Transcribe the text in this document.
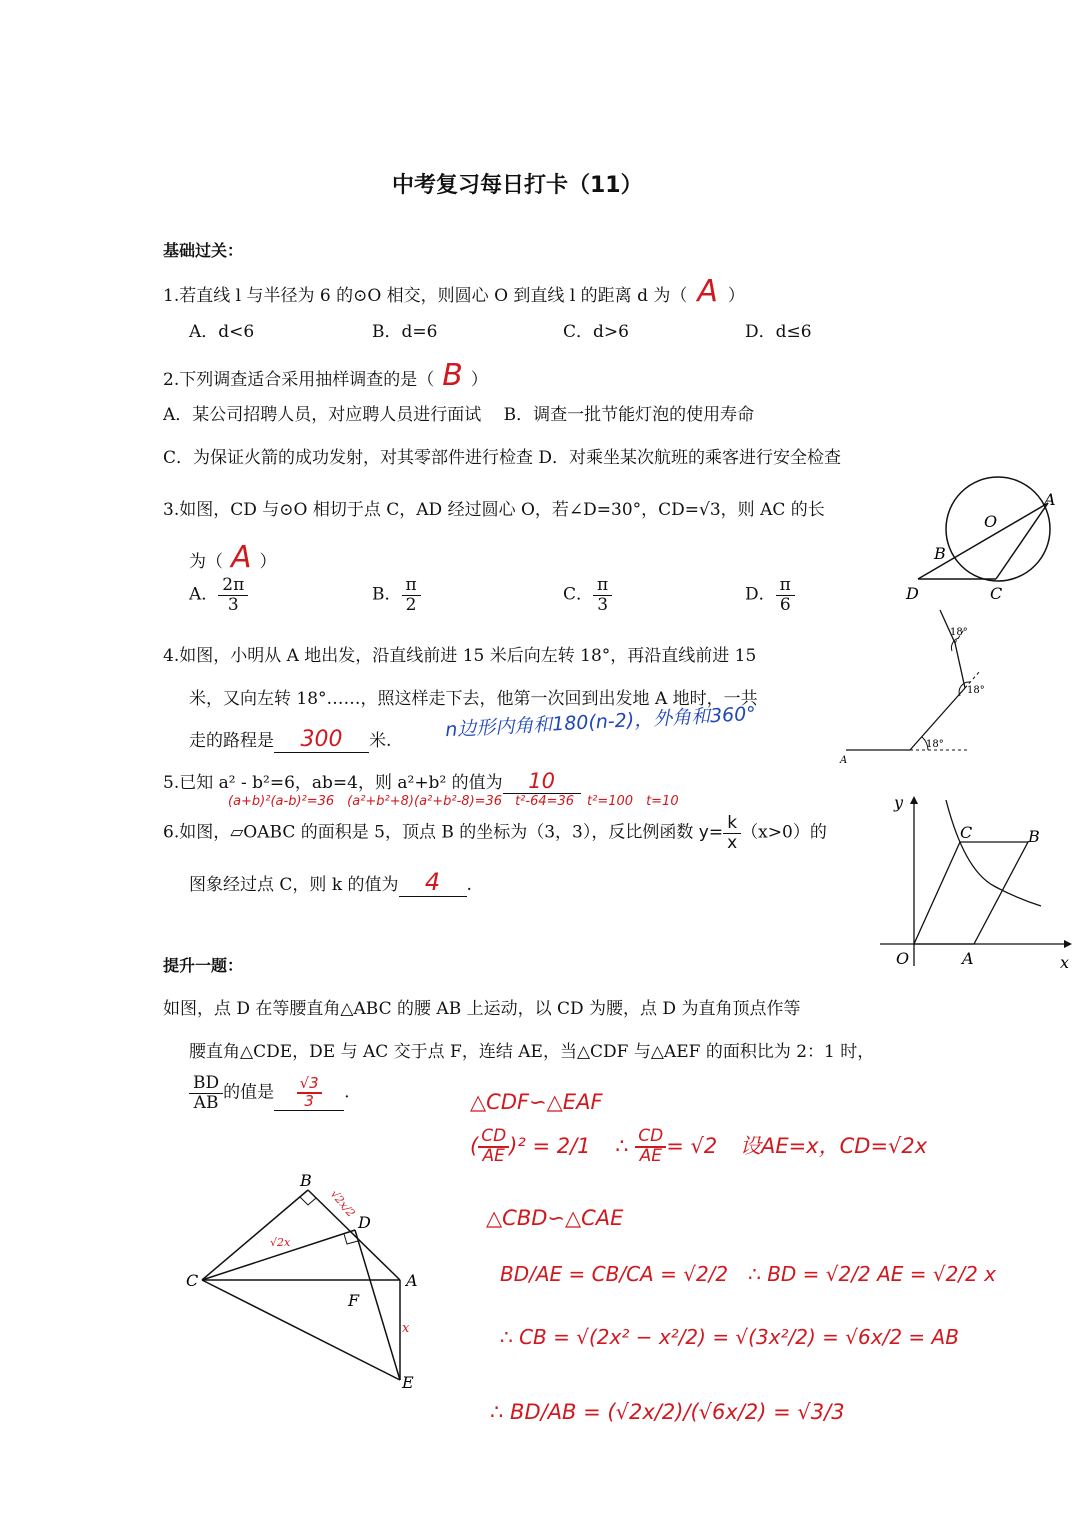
中考复习每日打卡（11）
基础过关：
1.若直线 l 与半径为 6 的⊙O 相交，则圆心 O 到直线 l 的距离 d 为（ A ）
A．d<6	B．d=6	C．d>6	D．d≤6
2.下列调查适合采用抽样调查的是（ B ）
A．某公司招聘人员，对应聘人员进行面试　 B．调查一批节能灯泡的使用寿命
C．为保证火箭的成功发射，对其零部件进行检查 D．对乘坐某次航班的乘客进行安全检查
3.如图，CD 与⊙O 相切于点 C，AD 经过圆心 O，若∠D=30°，CD=√3，则 AC 的长
为（ A ）
A． $\frac{2\pi}{3}$	B． $\frac{\pi}{2}$	C． $\frac{\pi}{3}$	D． $\frac{\pi}{6}$
O
A
B
C
D
4.如图，小明从 A 地出发，沿直线前进 15 米后向左转 18°，再沿直线前进 15
米，又向左转 18°……，照这样走下去，他第一次回到出发地 A 地时，一共
走的路程是 300 米.	n边形内角和180(n-2)，外角和360°
18°
18°
18°
A
5.已知 a² - b²=6，ab=4，则 a²+b² 的值为 10
(a+b)²(a-b)²=36　(a²+b²+8)(a²+b²-8)=36　t²-64=36　t²=100　t=10
6.如图，▱OABC 的面积是 5，顶点 B 的坐标为（3，3），反比例函数 $y= \frac{k}{x} (x>0)$的
图象经过点 C，则 k 的值为 4 .
y
x
O	A
B
C
提升一题：
如图，点 D 在等腰直角△ABC 的腰 AB 上运动，以 CD 为腰，点 D 为直角顶点作等
腰直角△CDE，DE 与 AC 交于点 F，连结 AE，当△CDF 与△AEF 的面积比为 2：1 时，
$\frac{BD}{AB}$ 的值是 $\frac{√3}{3}$ .
B
C
D
A
F
E
√2x/2
√2x
x
△CDF∽△EAF
( $\frac{CD}{AE} )^2 = 2/1$ ∴ $\frac{CD}{AE} = √2$ 设AE=x，CD=√2x
△CBD∽△CAE
BD/AE = CB/CA = √2/2　∴ BD = √2/2 AE = √2/2 x
∴ CB = √(2x² − x²/2) = √(3x²/2) = √6x/2 = AB
∴ BD/AB = (√2x/2)/(√6x/2) = √3/3
